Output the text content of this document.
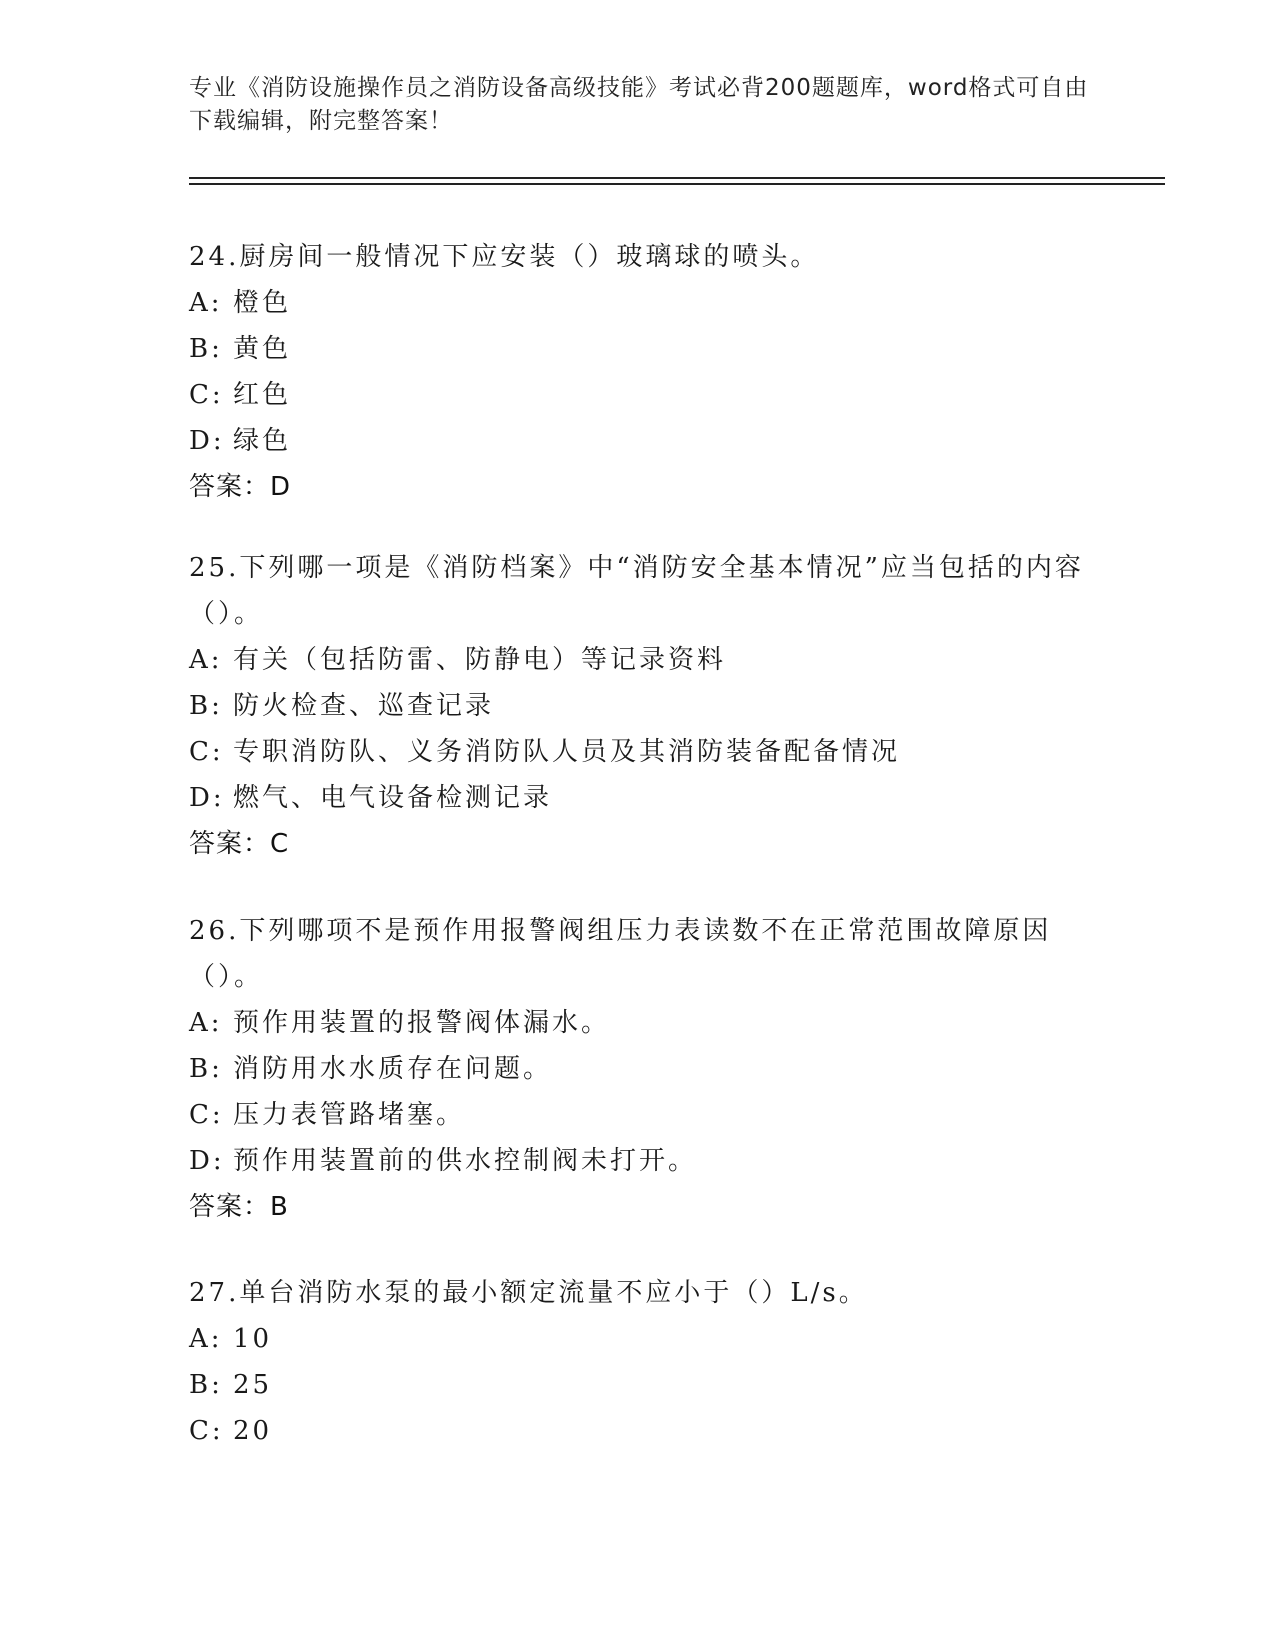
专业《消防设施操作员之消防设备高级技能》考试必背200题题库，word格式可自由下载编辑，附完整答案！

24.厨房间一般情况下应安装（）玻璃球的喷头。

A: 橙色
B: 黄色
C: 红色
D: 绿色
答案：D

25.下列哪一项是《消防档案》中“消防安全基本情况”应当包括的内容（）。

A: 有关（包括防雷、防静电）等记录资料
B: 防火检查、巡查记录
C: 专职消防队、义务消防队人员及其消防装备配备情况
D: 燃气、电气设备检测记录
答案：C

26.下列哪项不是预作用报警阀组压力表读数不在正常范围故障原因（）。

A: 预作用装置的报警阀体漏水。
B: 消防用水水质存在问题。
C: 压力表管路堵塞。
D: 预作用装置前的供水控制阀未打开。
答案：B

27.单台消防水泵的最小额定流量不应小于（）L/s。

A: 10
B: 25
C: 20
